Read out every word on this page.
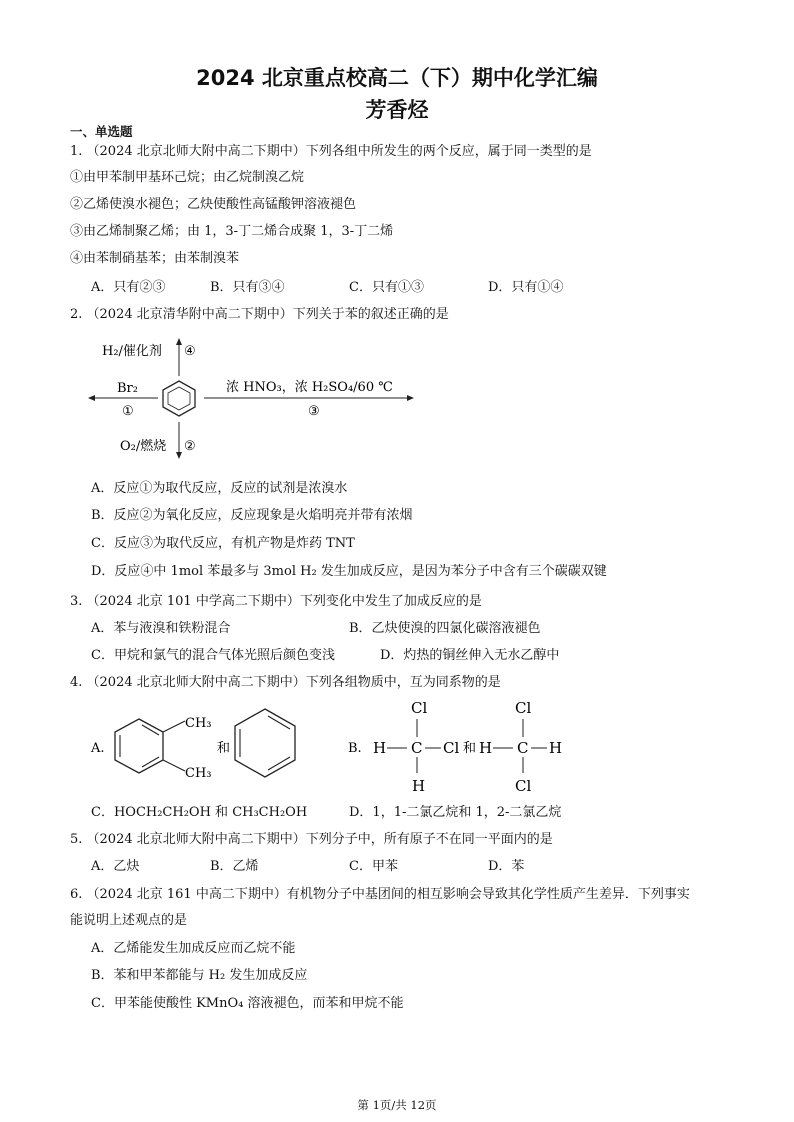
2024 北京重点校高二（下）期中化学汇编
芳香烃
一、单选题
1. （2024 北京北师大附中高二下期中）下列各组中所发生的两个反应，属于同一类型的是
①由甲苯制甲基环己烷；由乙烷制溴乙烷
②乙烯使溴水褪色；乙炔使酸性高锰酸钾溶液褪色
③由乙烯制聚乙烯；由 1，3-丁二烯合成聚 1，3-丁二烯
④由苯制硝基苯；由苯制溴苯
A．只有②③	B．只有③④	C．只有①③	D．只有①④
2. （2024 北京清华附中高二下期中）下列关于苯的叙述正确的是
H₂/催化剂 ④
Br₂
①
浓 HNO₃，浓 H₂SO₄/60 ℃
③
O₂/燃烧 ②
A．反应①为取代反应，反应的试剂是浓溴水
B．反应②为氧化反应，反应现象是火焰明亮并带有浓烟
C．反应③为取代反应，有机产物是炸药 TNT
D．反应④中 1mol 苯最多与 3mol H₂ 发生加成反应，是因为苯分子中含有三个碳碳双键
3. （2024 北京 101 中学高二下期中）下列变化中发生了加成反应的是
A．苯与液溴和铁粉混合	B．乙炔使溴的四氯化碳溶液褪色
C．甲烷和氯气的混合气体光照后颜色变浅	D．灼热的铜丝伸入无水乙醇中
4. （2024 北京北师大附中高二下期中）下列各组物质中，互为同系物的是
A.
CH₃
CH₃
和	B. H C Cl
Cl
H
和 H C H
Cl
Cl
C．HOCH₂CH₂OH 和 CH₃CH₂OH	D．1，1-二氯乙烷和 1，2-二氯乙烷
5. （2024 北京北师大附中高二下期中）下列分子中，所有原子不在同一平面内的是
A．乙炔	B．乙烯	C．甲苯	D．苯
6. （2024 北京 161 中高二下期中）有机物分子中基团间的相互影响会导致其化学性质产生差异．下列事实
能说明上述观点的是
A．乙烯能发生加成反应而乙烷不能
B．苯和甲苯都能与 H₂ 发生加成反应
C．甲苯能使酸性 KMnO₄ 溶液褪色，而苯和甲烷不能
第 1页/共 12页
